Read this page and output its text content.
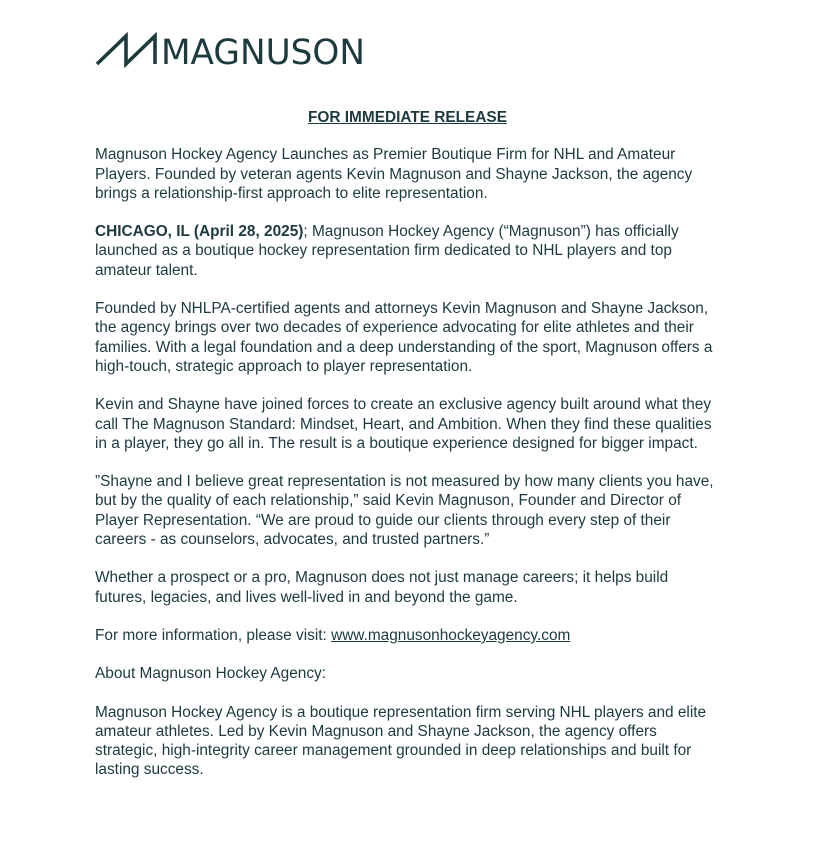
MAGNUSON
FOR IMMEDIATE RELEASE

Magnuson Hockey Agency Launches as Premier Boutique Firm for NHL and Amateur Players. Founded by veteran agents Kevin Magnuson and Shayne Jackson, the agency brings a relationship-first approach to elite representation.

CHICAGO, IL (April 28, 2025); Magnuson Hockey Agency (“Magnuson”) has officially launched as a boutique hockey representation firm dedicated to NHL players and top amateur talent.

Founded by NHLPA-certified agents and attorneys Kevin Magnuson and Shayne Jackson, the agency brings over two decades of experience advocating for elite athletes and their families. With a legal foundation and a deep understanding of the sport, Magnuson offers a high-touch, strategic approach to player representation.

Kevin and Shayne have joined forces to create an exclusive agency built around what they call The Magnuson Standard: Mindset, Heart, and Ambition. When they find these qualities in a player, they go all in. The result is a boutique experience designed for bigger impact.

”Shayne and I believe great representation is not measured by how many clients you have, but by the quality of each relationship,” said Kevin Magnuson, Founder and Director of Player Representation. “We are proud to guide our clients through every step of their careers - as counselors, advocates, and trusted partners.”

Whether a prospect or a pro, Magnuson does not just manage careers; it helps build futures, legacies, and lives well-lived in and beyond the game.

For more information, please visit: www.magnusonhockeyagency.com

About Magnuson Hockey Agency:

Magnuson Hockey Agency is a boutique representation firm serving NHL players and elite amateur athletes. Led by Kevin Magnuson and Shayne Jackson, the agency offers strategic, high-integrity career management grounded in deep relationships and built for lasting success.
